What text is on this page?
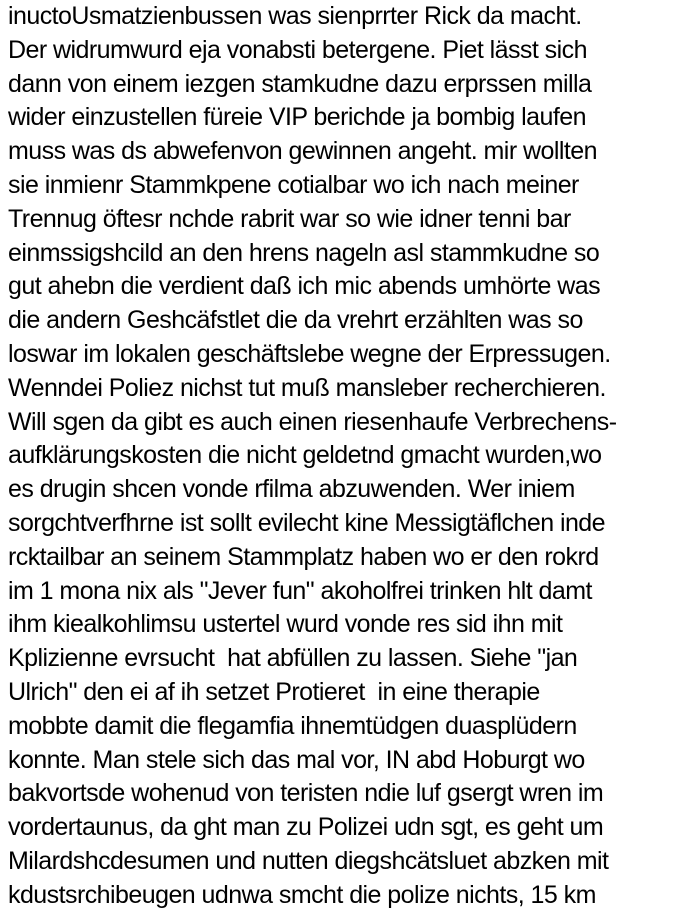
inuctoUsmatzienbussen was sienprrter Rick da macht.
Der widrumwurd eja vonabsti betergene. Piet lässt sich
dann von einem iezgen stamkudne dazu erprssen milla
wider einzustellen füreie VIP berichde ja bombig laufen
muss was ds abwefenvon gewinnen angeht. mir wollten
sie inmienr Stammkpene cotialbar wo ich nach meiner
Trennug öftesr nchde rabrit war so wie idner tenni bar
einmssigshcild an den hrens nageln asl stammkudne so
gut ahebn die verdient daß ich mic abends umhörte was
die andern Geshcäfstlet die da vrehrt erzählten was so
loswar im lokalen geschäftslebe wegne der Erpressugen.
Wenndei Poliez nichst tut muß mansleber recherchieren.
Will sgen da gibt es auch einen riesenhaufe Verbrechens-
aufklärungskosten die nicht geldetnd gmacht wurden,wo
es drugin shcen vonde rfilma abzuwenden. Wer iniem
sorgchtverfhrne ist sollt evilecht kine Messigtäflchen inde
rcktailbar an seinem Stammplatz haben wo er den rokrd
im 1 mona nix als "Jever fun" akoholfrei trinken hlt damt
ihm kiealkohlimsu ustertel wurd vonde res sid ihn mit
Kplizienne evrsucht  hat abfüllen zu lassen. Siehe "jan
Ulrich" den ei af ih setzet Protieret  in eine therapie
mobbte damit die flegamfia ihnemtüdgen duasplüdern
konnte. Man stele sich das mal vor, IN abd Hoburgt wo
bakvortsde wohenud von teristen ndie luf gsergt wren im
vordertaunus, da ght man zu Polizei udn sgt, es geht um
Milardshcdesumen und nutten diegshcätsluet abzken mit
kdustsrchibeugen udnwa smcht die polize nichts, 15 km
